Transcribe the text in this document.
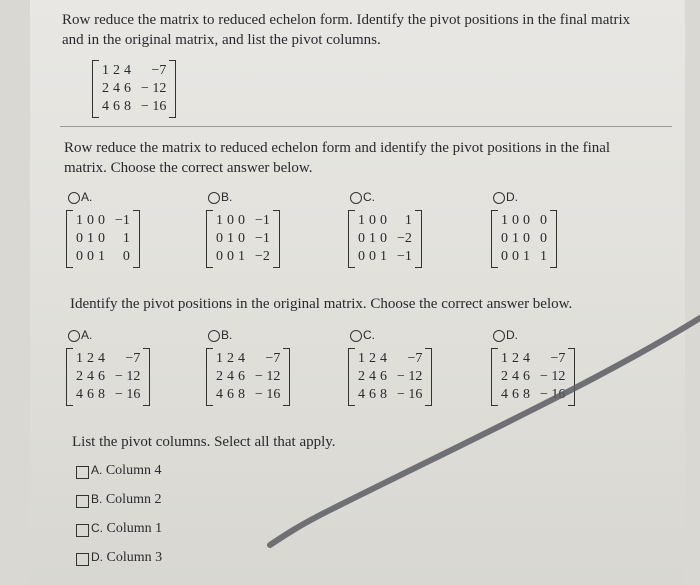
Row reduce the matrix to reduced echelon form. Identify the pivot positions in the final matrix
and in the original matrix, and list the pivot columns.
1	2	4	−7
2	4	6	− 12
4	6	8	− 16
Row reduce the matrix to reduced echelon form and identify the pivot positions in the final
matrix. Choose the correct answer below.
A.
1	0	0	−1
0	1	0	1
0	0	1	0
B.
1	0	0	−1
0	1	0	−1
0	0	1	−2
C.
1	0	0	1
0	1	0	−2
0	0	1	−1
D.
1	0	0	0
0	1	0	0
0	0	1	1
Identify the pivot positions in the original matrix. Choose the correct answer below.
A.
1	2	4	−7
2	4	6	− 12
4	6	8	− 16
B.
1	2	4	−7
2	4	6	− 12
4	6	8	− 16
C.
1	2	4	−7
2	4	6	− 12
4	6	8	− 16
D.
1	2	4	−7
2	4	6	− 12
4	6	8	− 16
List the pivot columns. Select all that apply.
A. Column 4
B. Column 2
C. Column 1
D. Column 3
